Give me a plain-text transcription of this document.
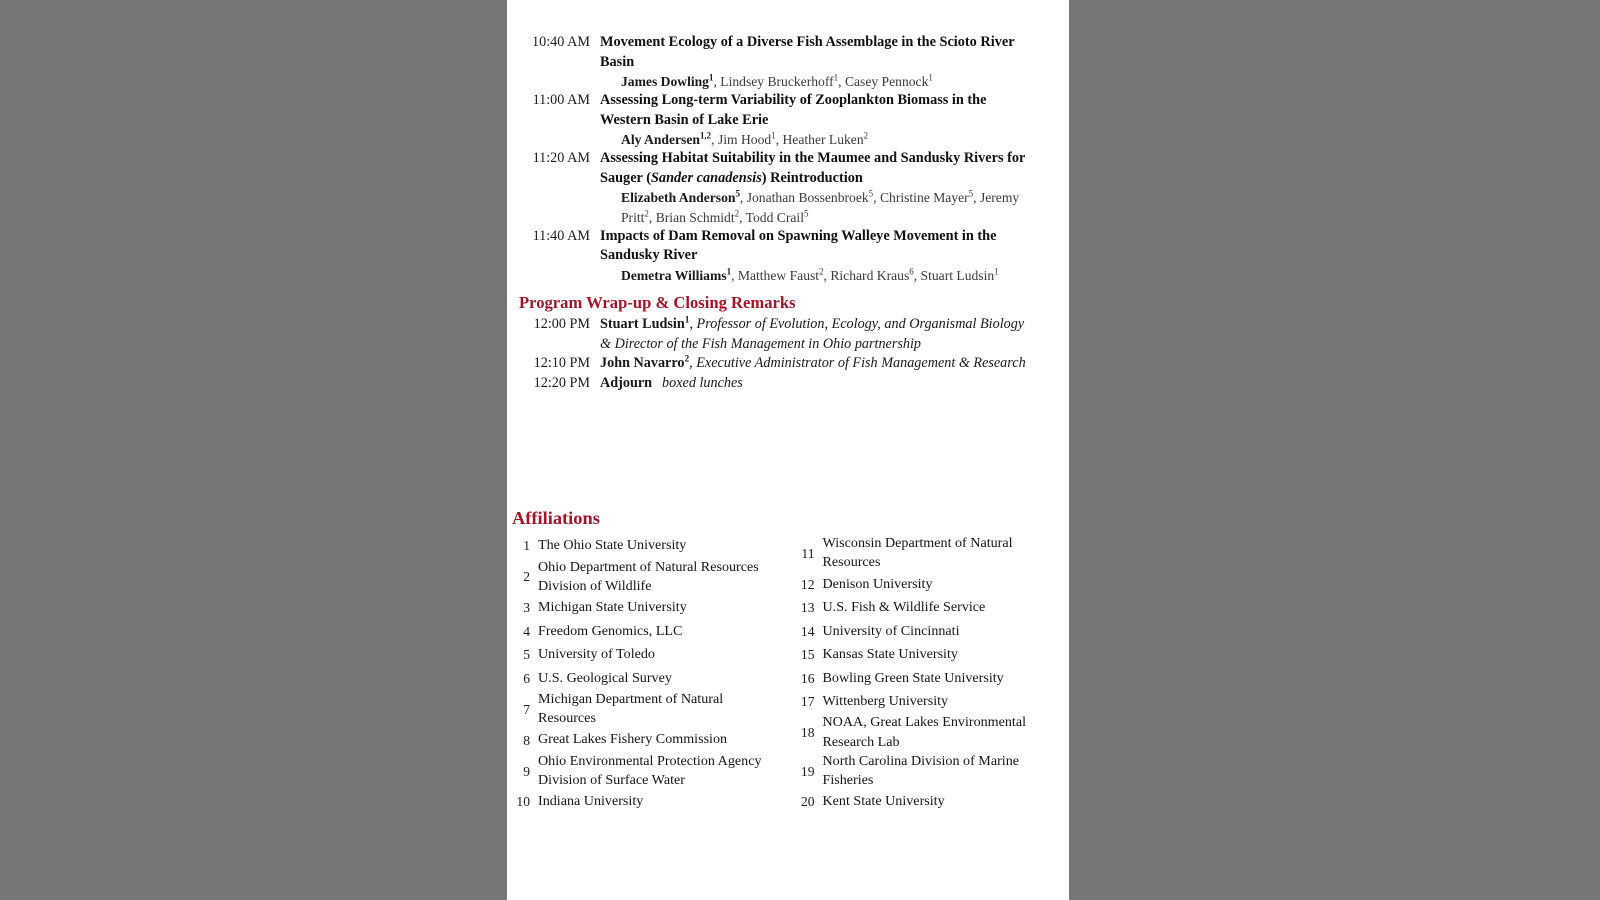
10:40 AM Movement Ecology of a Diverse Fish Assemblage in the Scioto River Basin
James Dowling$^1$, Lindsey Bruckerhoff$^1$, Casey Pennock$^1$
11:00 AM Assessing Long-term Variability of Zooplankton Biomass in the Western Basin of Lake Erie
Aly Andersen$^{1,2}$, Jim Hood$^1$, Heather Luken$^2$
11:20 AM Assessing Habitat Suitability in the Maumee and Sandusky Rivers for Sauger (Sander canadensis) Reintroduction
Elizabeth Anderson$^5$, Jonathan Bossenbroek$^5$, Christine Mayer$^5$, Jeremy Pritt$^2$, Brian Schmidt$^2$, Todd Crail$^5$
11:40 AM Impacts of Dam Removal on Spawning Walleye Movement in the Sandusky River
Demetra Williams$^1$, Matthew Faust$^2$, Richard Kraus$^6$, Stuart Ludsin$^1$
Program Wrap-up & Closing Remarks
12:00 PM Stuart Ludsin$^1$, Professor of Evolution, Ecology, and Organismal Biology & Director of the Fish Management in Ohio partnership
12:10 PM John Navarro$^2$, Executive Administrator of Fish Management & Research
12:20 PM Adjourn boxed lunches
Affiliations
1 The Ohio State University
2
Ohio Department of Natural Resources Division of Wildlife
3 Michigan State University
4 Freedom Genomics, LLC
5 University of Toledo
6 U.S. Geological Survey
7
Michigan Department of Natural Resources
8 Great Lakes Fishery Commission
9
Ohio Environmental Protection Agency Division of Surface Water
10 Indiana University
11
Wisconsin Department of Natural Resources
12 Denison University
13 U.S. Fish & Wildlife Service
14 University of Cincinnati
15 Kansas State University
16 Bowling Green State University
17 Wittenberg University
18
NOAA, Great Lakes Environmental Research Lab
19
North Carolina Division of Marine Fisheries
20 Kent State University
